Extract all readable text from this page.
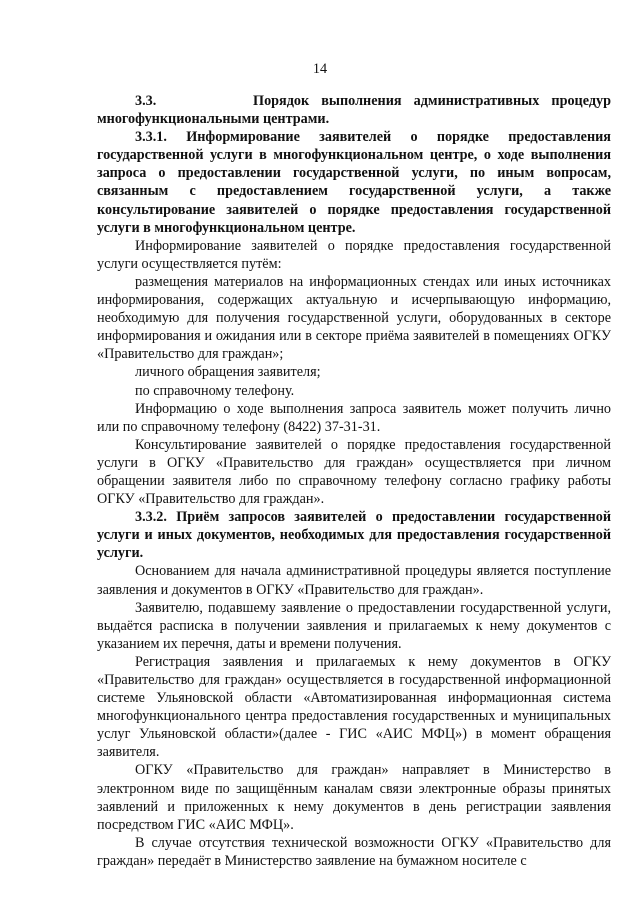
14

3.3.        Порядок выполнения административных процедур многофункциональными центрами.

3.3.1. Информирование заявителей о порядке предоставления государственной услуги в многофункциональном центре, о ходе выполнения запроса о предоставлении государственной услуги, по иным вопросам, связанным с предоставлением государственной услуги, а также консультирование заявителей о порядке предоставления государственной услуги в многофункциональном центре.

Информирование заявителей о порядке предоставления государственной услуги осуществляется путём:

размещения материалов на информационных стендах или иных источниках информирования, содержащих актуальную и исчерпывающую информацию, необходимую для получения государственной услуги, оборудованных в секторе информирования и ожидания или в секторе приёма заявителей в помещениях ОГКУ «Правительство для граждан»;

личного обращения заявителя;

по справочному телефону.

Информацию о ходе выполнения запроса заявитель может получить лично или по справочному телефону (8422) 37-31-31.

Консультирование заявителей о порядке предоставления государственной услуги в ОГКУ «Правительство для граждан» осуществляется при личном обращении заявителя либо по справочному телефону согласно графику работы ОГКУ «Правительство для граждан».

3.3.2. Приём запросов заявителей о предоставлении государственной услуги и иных документов, необходимых для предоставления государственной услуги.

Основанием для начала административной процедуры является поступление заявления и документов в ОГКУ «Правительство для граждан».

Заявителю, подавшему заявление о предоставлении государственной услуги, выдаётся расписка в получении заявления и прилагаемых к нему документов с указанием их перечня, даты и времени получения.

Регистрация заявления и прилагаемых к нему документов в ОГКУ «Правительство для граждан» осуществляется в государственной информационной системе Ульяновской области «Автоматизированная информационная система многофункционального центра предоставления государственных и муниципальных услуг Ульяновской области»(далее - ГИС «АИС МФЦ») в момент обращения заявителя.

ОГКУ «Правительство для граждан» направляет в Министерство в электронном виде по защищённым каналам связи электронные образы принятых заявлений и приложенных к нему документов в день регистрации заявления посредством ГИС «АИС МФЦ».

В случае отсутствия технической возможности ОГКУ «Правительство для граждан» передаёт в Министерство заявление на бумажном носителе с
